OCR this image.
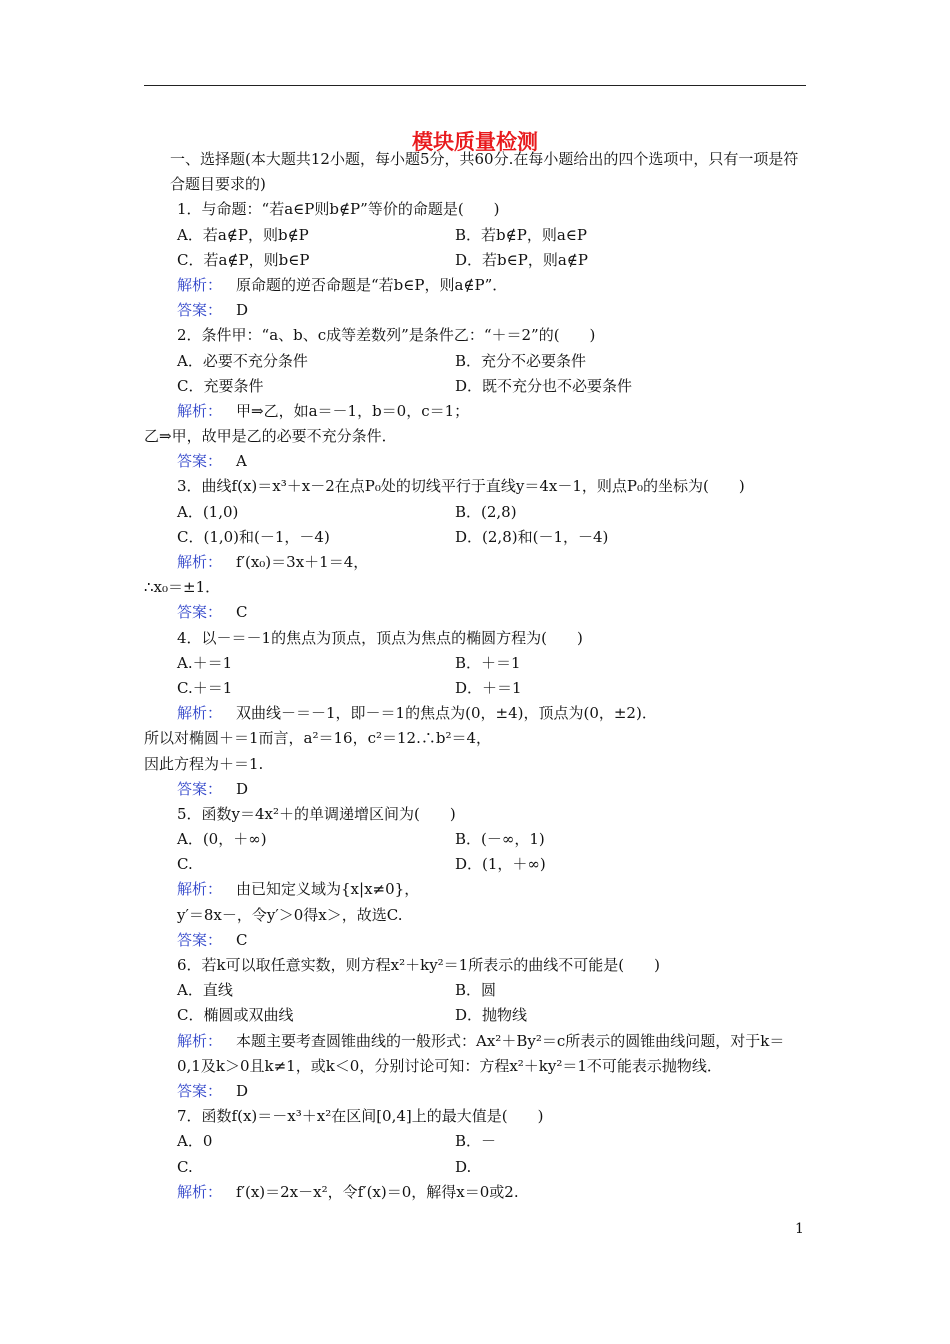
模块质量检测
一、选择题(本大题共12小题，每小题5分，共60分.在每小题给出的四个选项中，只有一项是符合题目要求的)
1．与命题：“若a∈P则b∉P”等价的命题是(　　)
A．若a∉P，则b∉P	B．若b∉P，则a∈P
C．若a∉P，则b∈P	D．若b∈P，则a∉P
解析： 原命题的逆否命题是“若b∈P，则a∉P”．
答案： D
2．条件甲：“a、b、c成等差数列”是条件乙：“＋＝2”的(　　)
A．必要不充分条件	B．充分不必要条件
C．充要条件	D．既不充分也不必要条件
解析： 甲⇒乙，如a＝－1，b＝0，c＝1；
乙⇒甲，故甲是乙的必要不充分条件．
答案： A
3．曲线f(x)＝x³＋x－2在点P₀处的切线平行于直线y＝4x－1，则点P₀的坐标为(　　)
A．(1,0)	B．(2,8)
C．(1,0)和(－1，－4)	D．(2,8)和(－1，－4)
解析： f′(x₀)＝3x＋1＝4，
∴x₀＝±1．
答案： C
4．以－＝－1的焦点为顶点，顶点为焦点的椭圆方程为(　　)
A.＋＝1	B．＋＝1
C.＋＝1	D．＋＝1
解析： 双曲线－＝－1，即－＝1的焦点为(0，±4)，顶点为(0，±2)．
所以对椭圆＋＝1而言，a²＝16，c²＝12.∴b²＝4，
因此方程为＋＝1.
答案： D
5．函数y＝4x²＋的单调递增区间为(　　)
A．(0，＋∞)	B．(－∞，1)
C.	D．(1，＋∞)
解析： 由已知定义域为{x|x≠0}，
y′＝8x－，令y′＞0得x＞，故选C.
答案： C
6．若k可以取任意实数，则方程x²＋ky²＝1所表示的曲线不可能是(　　)
A．直线	B．圆
C．椭圆或双曲线	D．抛物线
解析： 本题主要考查圆锥曲线的一般形式：Ax²＋By²＝c所表示的圆锥曲线问题，对于k＝0,1及k＞0且k≠1，或k＜0，分别讨论可知：方程x²＋ky²＝1不可能表示抛物线．
答案： D
7．函数f(x)＝－x³＋x²在区间[0,4]上的最大值是(　　)
A．0	B．－
C.	D.
解析： f′(x)＝2x－x²，令f′(x)＝0，解得x＝0或2.
1
